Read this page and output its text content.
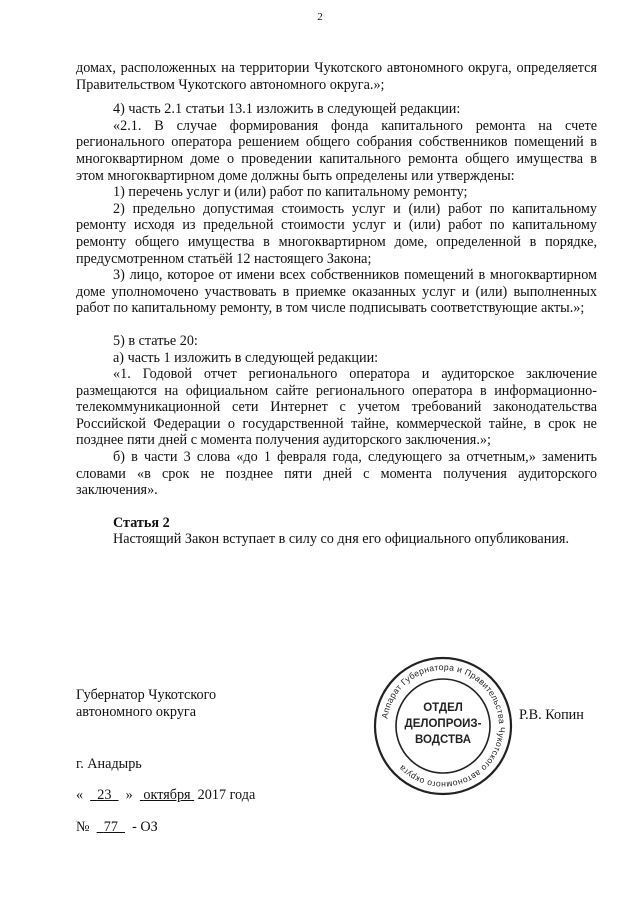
2

домах, расположенных на территории Чукотского автономного округа, определяется Правительством Чукотского автономного округа.»;

4) часть 2.1 статьи 13.1 изложить в следующей редакции:

«2.1. В случае формирования фонда капитального ремонта на счете регионального оператора решением общего собрания собственников помещений в многоквартирном доме о проведении капитального ремонта общего имущества в этом многоквартирном доме должны быть определены или утверждены:

1) перечень услуг и (или) работ по капитальному ремонту;

2) предельно допустимая стоимость услуг и (или) работ по капитальному ремонту исходя из предельной стоимости услуг и (или) работ по капитальному ремонту общего имущества в многоквартирном доме, определенной в порядке, предусмотренном статьёй 12 настоящего Закона;

3) лицо, которое от имени всех собственников помещений в многоквартирном доме уполномочено участвовать в приемке оказанных услуг и (или) выполненных работ по капитальному ремонту, в том числе подписывать соответствующие акты.»;

5) в статье 20:

а) часть 1 изложить в следующей редакции:

«1. Годовой отчет регионального оператора и аудиторское заключение размещаются на официальном сайте регионального оператора в информационно-телекоммуникационной сети Интернет с учетом требований законодательства Российской Федерации о государственной тайне, коммерческой тайне, в срок не позднее пяти дней с момента получения аудиторского заключения.»;

б) в части 3 слова «до 1 февраля года, следующего за отчетным,» заменить словами «в срок не позднее пяти дней с момента получения аудиторского заключения».

Статья 2

Настоящий Закон вступает в силу со дня его официального опубликования.

Губернатор Чукотского
автономного округа	Р.В. Копин
Аппарат Губернатора и Правительства Чукотского автономного округа
ОТДЕЛ
ДЕЛОПРОИЗ-
ВОДСТВА
г. Анадырь
« 23 » октября 2017 года
№ 77 - ОЗ
